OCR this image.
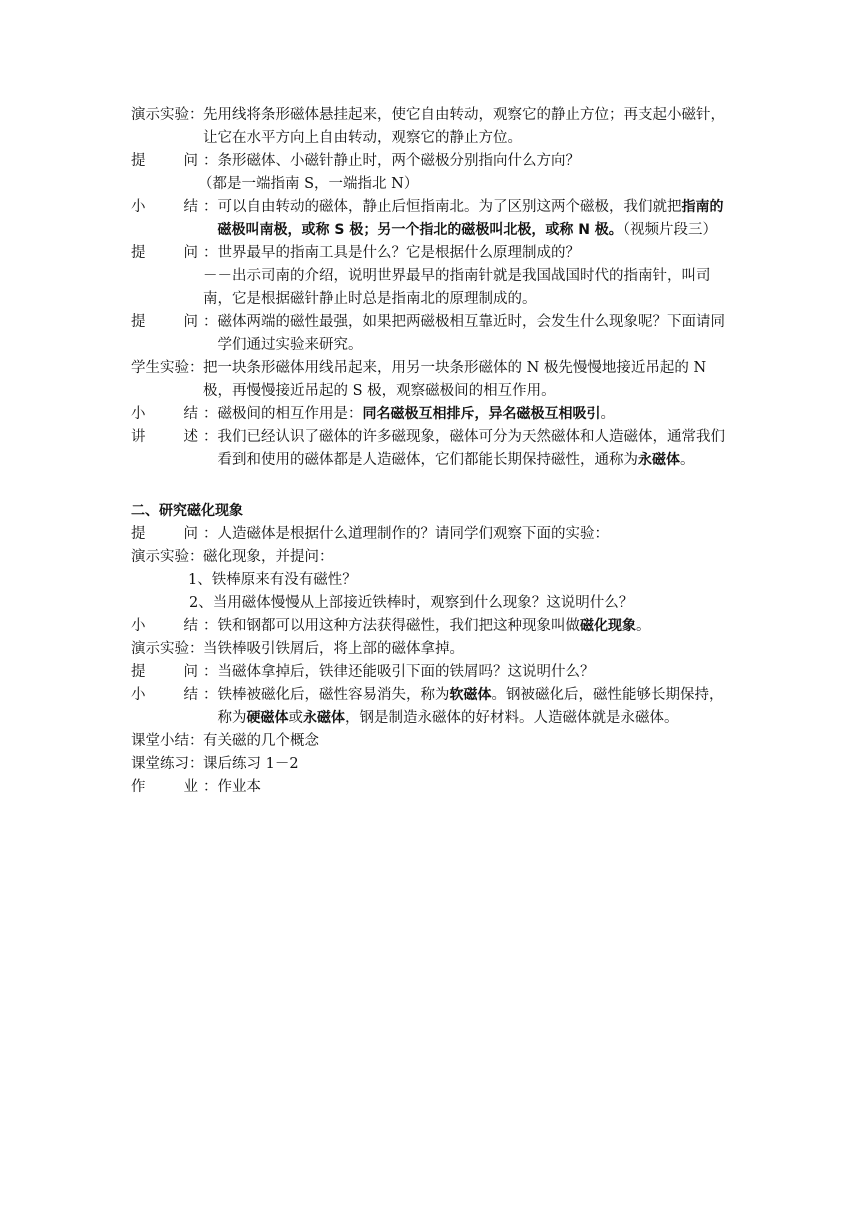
演示实验： 先用线将条形磁体悬挂起来，使它自由转动，观察它的静止方位；再支起小磁针，让它在水平方向上自由转动，观察它的静止方位。
提	问 ： 条形磁体、小磁针静止时，两个磁极分别指向什么方向？
（都是一端指南 S，一端指北 N）
小	结 ： 可以自由转动的磁体，静止后恒指南北。为了区别这两个磁极，我们就把指南的磁极叫南极，或称 S 极；另一个指北的磁极叫北极，或称 N 极。（视频片段三）
提	问 ： 世界最早的指南工具是什么？它是根据什么原理制成的？
－－出示司南的介绍，说明世界最早的指南针就是我国战国时代的指南针，叫司南，它是根据磁针静止时总是指南北的原理制成的。
提	问 ： 磁体两端的磁性最强，如果把两磁极相互靠近时，会发生什么现象呢？下面请同学们通过实验来研究。
学生实验： 把一块条形磁体用线吊起来，用另一块条形磁体的 N 极先慢慢地接近吊起的 N 极，再慢慢接近吊起的 S 极，观察磁极间的相互作用。
小	结 ： 磁极间的相互作用是：同名磁极互相排斥，异名磁极互相吸引。
讲	述 ： 我们已经认识了磁体的许多磁现象，磁体可分为天然磁体和人造磁体，通常我们看到和使用的磁体都是人造磁体，它们都能长期保持磁性，通称为永磁体。
二、研究磁化现象
提	问 ： 人造磁体是根据什么道理制作的？请同学们观察下面的实验：
演示实验： 磁化现象，并提问：
1、铁棒原来有没有磁性？
2、当用磁体慢慢从上部接近铁棒时，观察到什么现象？这说明什么？
小	结 ： 铁和钢都可以用这种方法获得磁性，我们把这种现象叫做磁化现象。
演示实验： 当铁棒吸引铁屑后，将上部的磁体拿掉。
提	问 ： 当磁体拿掉后，铁律还能吸引下面的铁屑吗？这说明什么？
小	结 ： 铁棒被磁化后，磁性容易消失，称为软磁体。钢被磁化后，磁性能够长期保持，称为硬磁体或永磁体，钢是制造永磁体的好材料。人造磁体就是永磁体。
课堂小结： 有关磁的几个概念
课堂练习： 课后练习 1－2
作	业 ： 作业本
